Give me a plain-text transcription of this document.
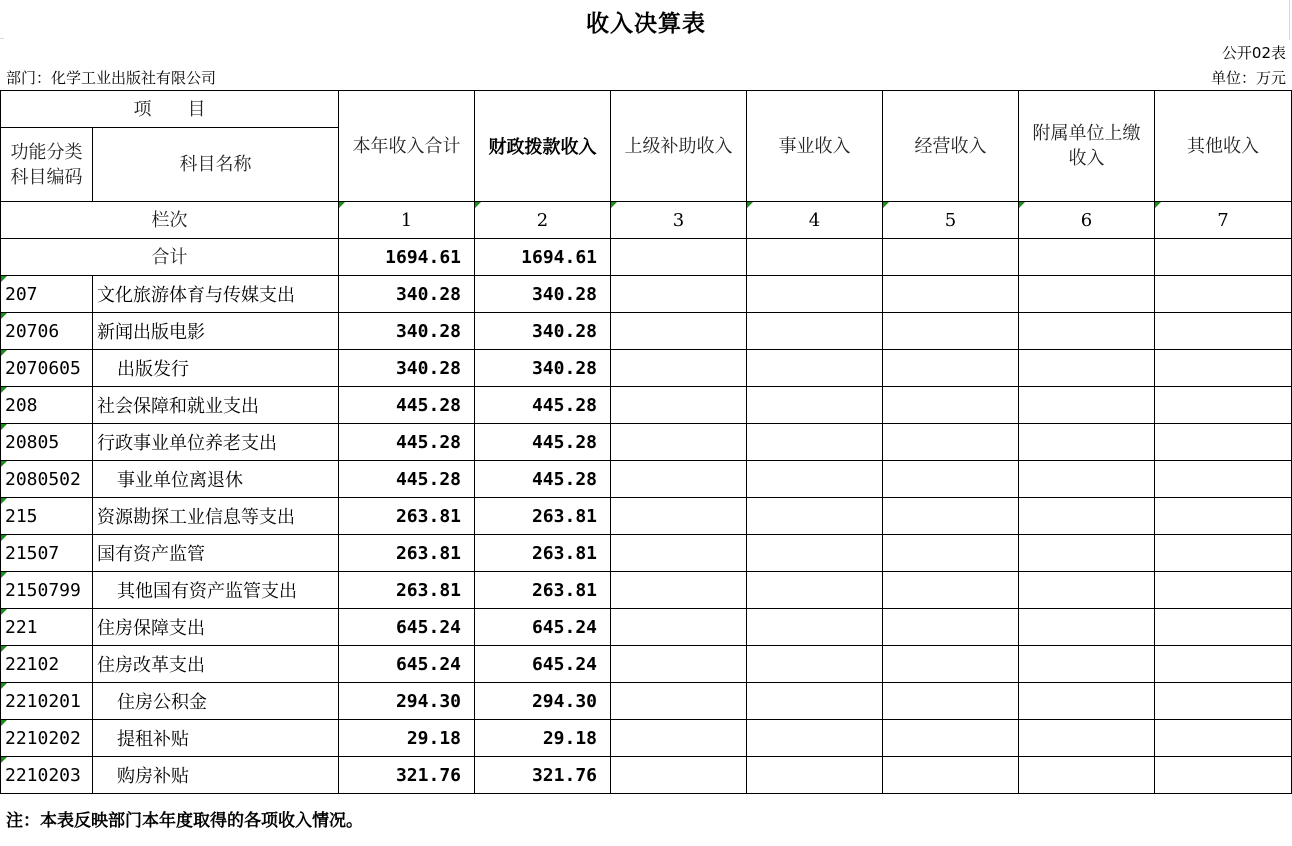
收入决算表
公开02表
部门：化学工业出版社有限公司	单位：万元
项　　目		本年收入合计	财政拨款收入	上级补助收入	事业收入	经营收入	附属单位上缴收入	其他收入
功能分类科目编码	科目名称							
栏次		1	2	3	4	5	6	7
合计		1694.61	1694.61					
207	文化旅游体育与传媒支出	340.28	340.28					
20706	新闻出版电影	340.28	340.28					
2070605	出版发行	340.28	340.28					
208	社会保障和就业支出	445.28	445.28					
20805	行政事业单位养老支出	445.28	445.28					
2080502	事业单位离退休	445.28	445.28					
215	资源勘探工业信息等支出	263.81	263.81					
21507	国有资产监管	263.81	263.81					
2150799	其他国有资产监管支出	263.81	263.81					
221	住房保障支出	645.24	645.24					
22102	住房改革支出	645.24	645.24					
2210201	住房公积金	294.30	294.30					
2210202	提租补贴	29.18	29.18					
2210203	购房补贴	321.76	321.76					
注：本表反映部门本年度取得的各项收入情况。
